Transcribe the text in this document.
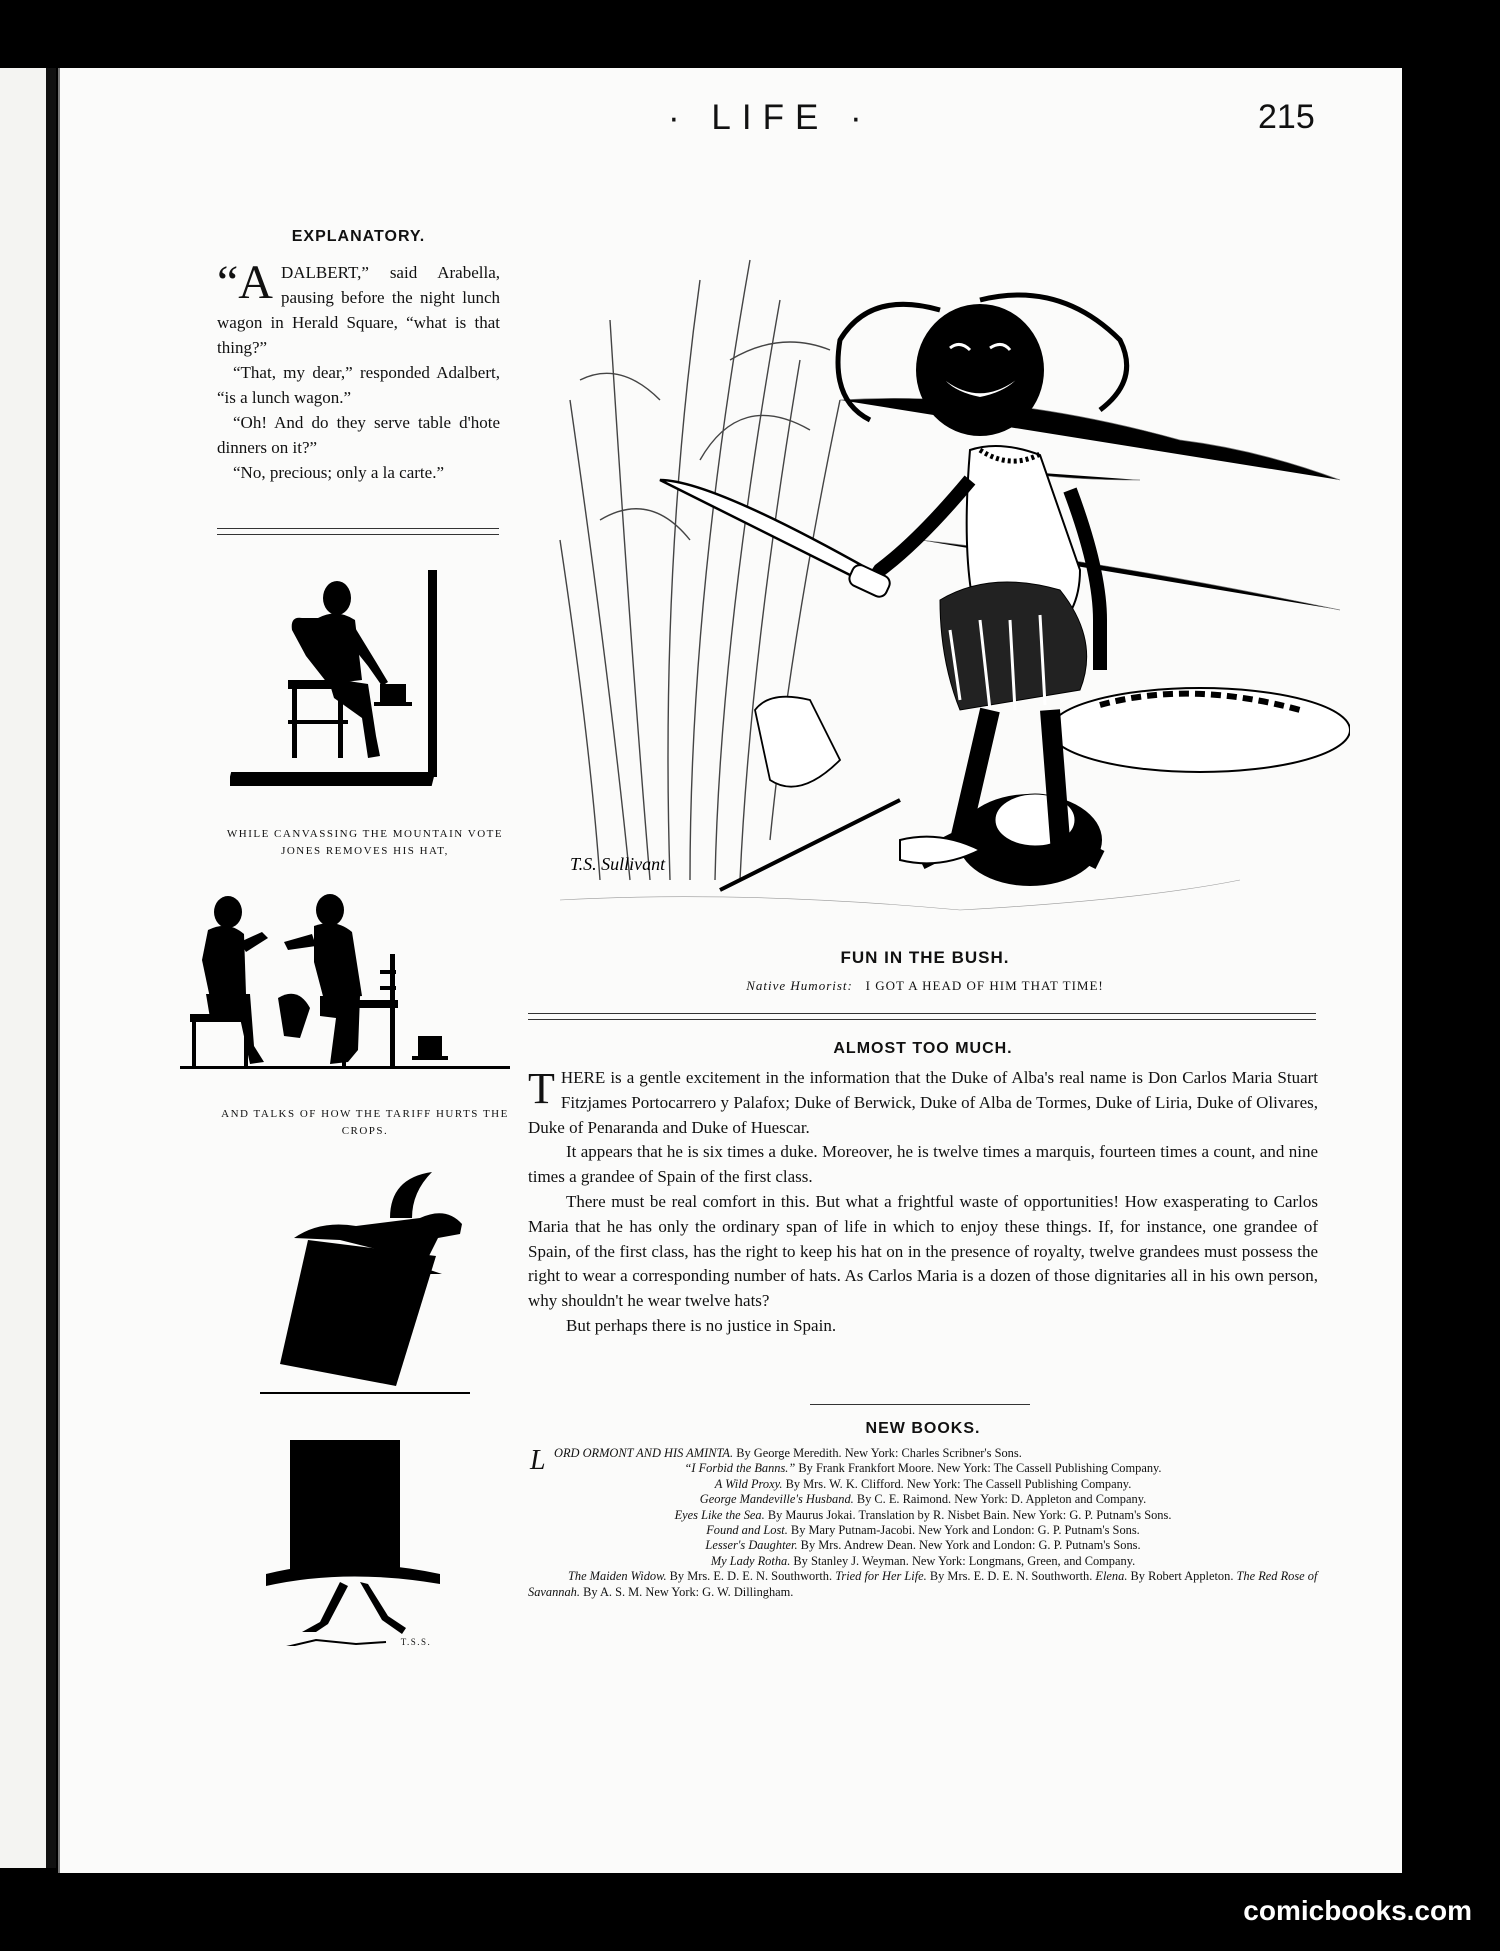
· LIFE ·	215
EXPLANATORY.

“ADALBERT,” said Arabella, pausing before the night lunch wagon in Herald Square, “what is that thing?”

“That, my dear,” responded Adalbert, “is a lunch wagon.”

“Oh! And do they serve table d'hote dinners on it?”

“No, precious; only a la carte.”

WHILE CANVASSING THE MOUNTAIN VOTE JONES REMOVES HIS HAT,
AND TALKS OF HOW THE TARIFF HURTS THE CROPS.
T.S.S.
T.S. Sullivant
FUN IN THE BUSH.
Native Humorist: I GOT A HEAD OF HIM THAT TIME!
ALMOST TOO MUCH.

THERE is a gentle excitement in the information that the Duke of Alba's real name is Don Carlos Maria Stuart Fitzjames Portocarrero y Palafox; Duke of Berwick, Duke of Alba de Tormes, Duke of Liria, Duke of Olivares, Duke of Penaranda and Duke of Huescar.

It appears that he is six times a duke. Moreover, he is twelve times a marquis, fourteen times a count, and nine times a grandee of Spain of the first class.

There must be real comfort in this. But what a frightful waste of opportunities! How exasperating to Carlos Maria that he has only the ordinary span of life in which to enjoy these things. If, for instance, one grandee of Spain, of the first class, has the right to keep his hat on in the presence of royalty, twelve grandees must possess the right to wear a corresponding number of hats. As Carlos Maria is a dozen of those dignitaries all in his own person, why shouldn't he wear twelve hats?

But perhaps there is no justice in Spain.

NEW BOOKS.
L ORD ORMONT AND HIS AMINTA. By George Meredith. New York: Charles Scribner's Sons.
“I Forbid the Banns.” By Frank Frankfort Moore. New York: The Cassell Publishing Company.
A Wild Proxy. By Mrs. W. K. Clifford. New York: The Cassell Publishing Company.
George Mandeville's Husband. By C. E. Raimond. New York: D. Appleton and Company.
Eyes Like the Sea. By Maurus Jokai. Translation by R. Nisbet Bain. New York: G. P. Putnam's Sons.
Found and Lost. By Mary Putnam-Jacobi. New York and London: G. P. Putnam's Sons.
Lesser's Daughter. By Mrs. Andrew Dean. New York and London: G. P. Putnam's Sons.
My Lady Rotha. By Stanley J. Weyman. New York: Longmans, Green, and Company.
The Maiden Widow. By Mrs. E. D. E. N. Southworth. Tried for Her Life. By Mrs. E. D. E. N. Southworth. Elena. By Robert Appleton. The Red Rose of Savannah. By A. S. M. New York: G. W. Dillingham.
comicbooks.com
